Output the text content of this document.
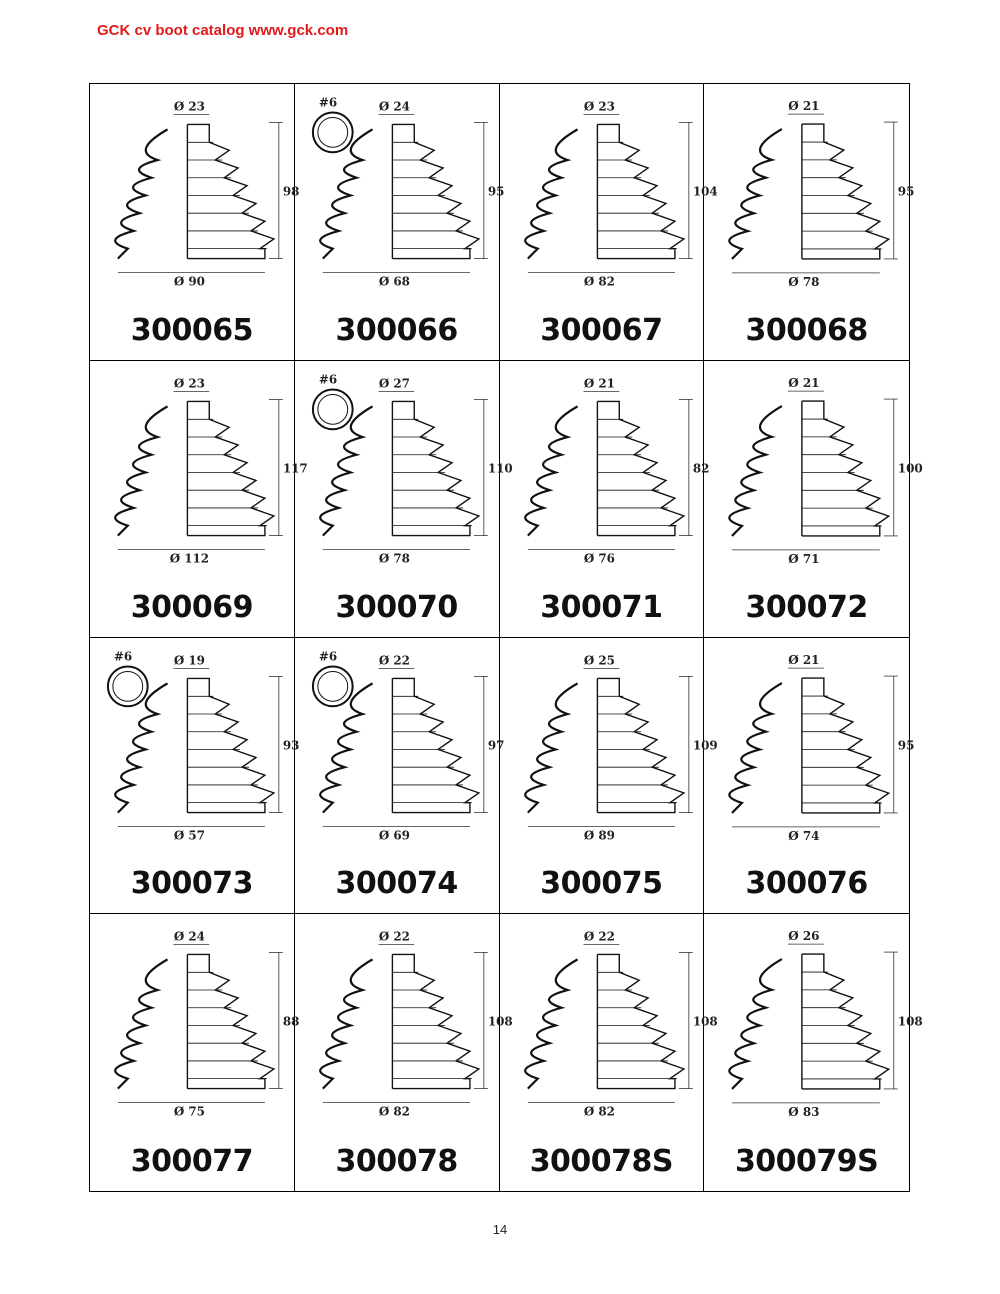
GCK cv boot catalog www.gck.com
Ø 23
Ø 90
98
300065
Ø 24
Ø 68
95
#6
300066
Ø 23
Ø 82
104
300067
Ø 21
Ø 78
95
300068
Ø 23
Ø 112
117
300069
Ø 27
Ø 78
110
#6
300070
Ø 21
Ø 76
82
300071
Ø 21
Ø 71
100
300072
Ø 19
Ø 57
93
#6
300073
Ø 22
Ø 69
97
#6
300074
Ø 25
Ø 89
109
300075
Ø 21
Ø 74
95
300076
Ø 24
Ø 75
88
300077
Ø 22
Ø 82
108
300078
Ø 22
Ø 82
108
300078S
Ø 26
Ø 83
108
300079S
14
